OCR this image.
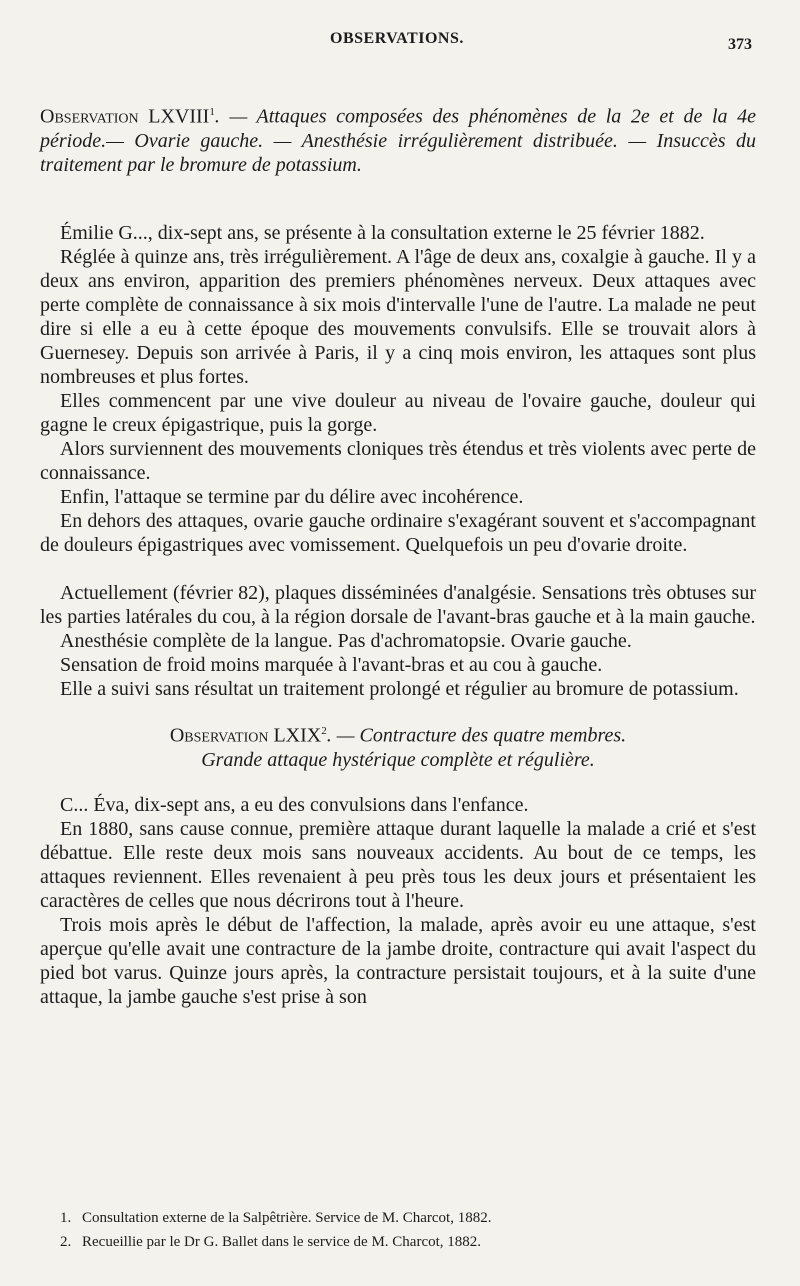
OBSERVATIONS.	373

Observation LXVIII$^1$. — Attaques composées des phénomènes de la 2e et de la 4e période.— Ovarie gauche. — Anesthésie irrégulièrement distribuée. — Insuccès du traitement par le bromure de potassium.

Émilie G..., dix-sept ans, se présente à la consultation externe le 25 février 1882.

Réglée à quinze ans, très irrégulièrement. A l'âge de deux ans, coxalgie à gauche. Il y a deux ans environ, apparition des premiers phénomènes nerveux. Deux attaques avec perte complète de connaissance à six mois d'intervalle l'une de l'autre. La malade ne peut dire si elle a eu à cette époque des mouvements convulsifs. Elle se trouvait alors à Guernesey. Depuis son arrivée à Paris, il y a cinq mois environ, les attaques sont plus nombreuses et plus fortes.

Elles commencent par une vive douleur au niveau de l'ovaire gauche, douleur qui gagne le creux épigastrique, puis la gorge.

Alors surviennent des mouvements cloniques très étendus et très violents avec perte de connaissance.

Enfin, l'attaque se termine par du délire avec incohérence.

En dehors des attaques, ovarie gauche ordinaire s'exagérant souvent et s'accompagnant de douleurs épigastriques avec vomissement. Quelquefois un peu d'ovarie droite.

Actuellement (février 82), plaques disséminées d'analgésie. Sensations très obtuses sur les parties latérales du cou, à la région dorsale de l'avant-bras gauche et à la main gauche.

Anesthésie complète de la langue. Pas d'achromatopsie. Ovarie gauche.

Sensation de froid moins marquée à l'avant-bras et au cou à gauche.

Elle a suivi sans résultat un traitement prolongé et régulier au bromure de potassium.

Observation LXIX$^2$. — Contracture des quatre membres.
Grande attaque hystérique complète et régulière.

C... Éva, dix-sept ans, a eu des convulsions dans l'enfance.

En 1880, sans cause connue, première attaque durant laquelle la malade a crié et s'est débattue. Elle reste deux mois sans nouveaux accidents. Au bout de ce temps, les attaques reviennent. Elles revenaient à peu près tous les deux jours et présentaient les caractères de celles que nous décrirons tout à l'heure.

Trois mois après le début de l'affection, la malade, après avoir eu une attaque, s'est aperçue qu'elle avait une contracture de la jambe droite, contracture qui avait l'aspect du pied bot varus. Quinze jours après, la contracture persistait toujours, et à la suite d'une attaque, la jambe gauche s'est prise à son

1. Consultation externe de la Salpêtrière. Service de M. Charcot, 1882.

2. Recueillie par le Dr G. Ballet dans le service de M. Charcot, 1882.
